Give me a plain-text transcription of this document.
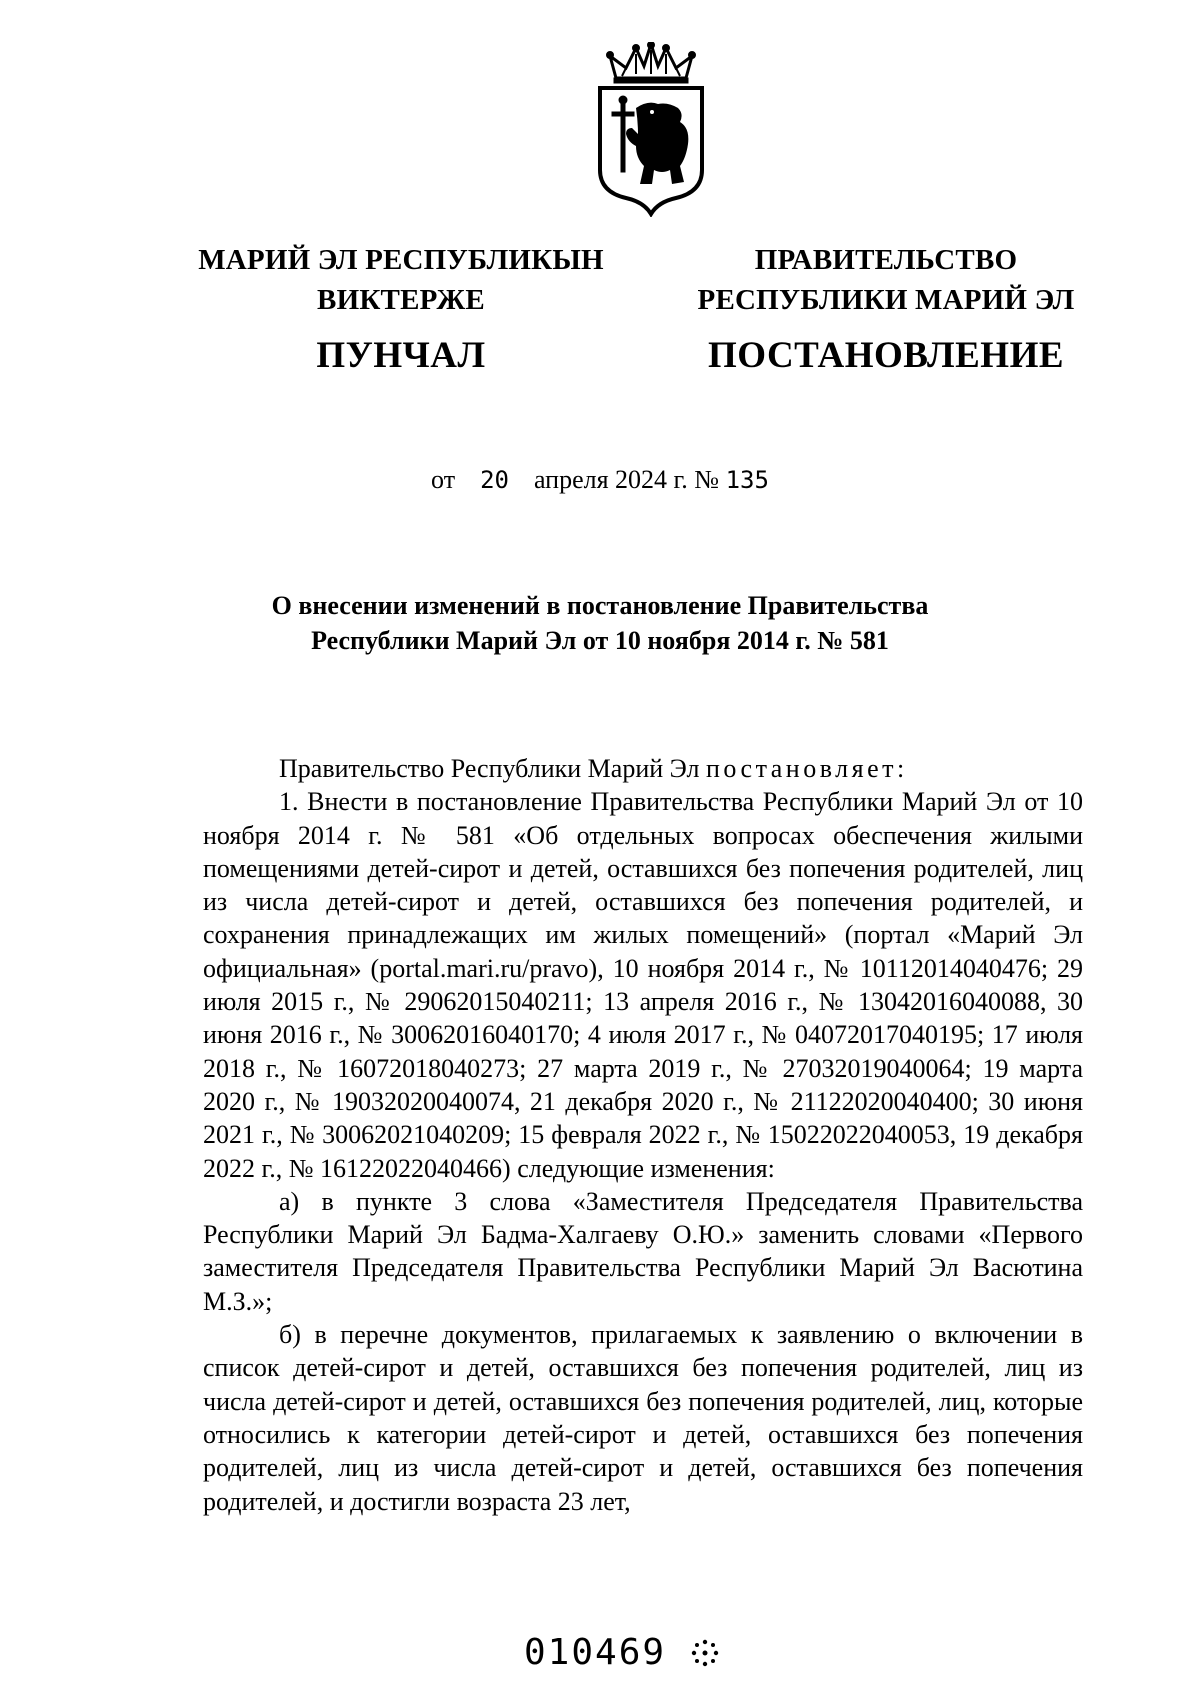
МАРИЙ ЭЛ РЕСПУБЛИКЫН
ВИКТЕРЖЕ
ПУНЧАЛ
ПРАВИТЕЛЬСТВО
РЕСПУБЛИКИ МАРИЙ ЭЛ
ПОСТАНОВЛЕНИЕ
от 20 апреля 2024 г. № 135
О внесении изменений в постановление Правительства
Республики Марий Эл от 10 ноября 2014 г. № 581

Правительство Республики Марий Эл постановляет:

1. Внести в постановление Правительства Республики Марий Эл от 10 ноября 2014 г. № 581 «Об отдельных вопросах обеспечения жилыми помещениями детей-сирот и детей, оставшихся без попечения родителей, лиц из числа детей-сирот и детей, оставшихся без попечения родителей, и сохранения принадлежащих им жилых помещений» (портал «Марий Эл официальная» (portal.mari.ru/pravo), 10 ноября 2014 г., № 10112014040476; 29 июля 2015 г., № 29062015040211; 13 апреля 2016 г., № 13042016040088, 30 июня 2016 г., № 30062016040170; 4 июля 2017 г., № 04072017040195; 17 июля 2018 г., № 16072018040273; 27 марта 2019 г., № 27032019040064; 19 марта 2020 г., № 19032020040074, 21 декабря 2020 г., № 21122020040400; 30 июня 2021 г., № 30062021040209; 15 февраля 2022 г., № 15022022040053, 19 декабря 2022 г., № 16122022040466) следующие изменения:

а) в пункте 3 слова «Заместителя Председателя Правительства Республики Марий Эл Бадма-Халгаеву О.Ю.» заменить словами «Первого заместителя Председателя Правительства Республики Марий Эл Васютина М.З.»;

б) в перечне документов, прилагаемых к заявлению о включении в список детей-сирот и детей, оставшихся без попечения родителей, лиц из числа детей-сирот и детей, оставшихся без попечения родителей, лиц, которые относились к категории детей-сирот и детей, оставшихся без попечения родителей, лиц из числа детей-сирот и детей, оставшихся без попечения родителей, и достигли возраста 23 лет,

010469
